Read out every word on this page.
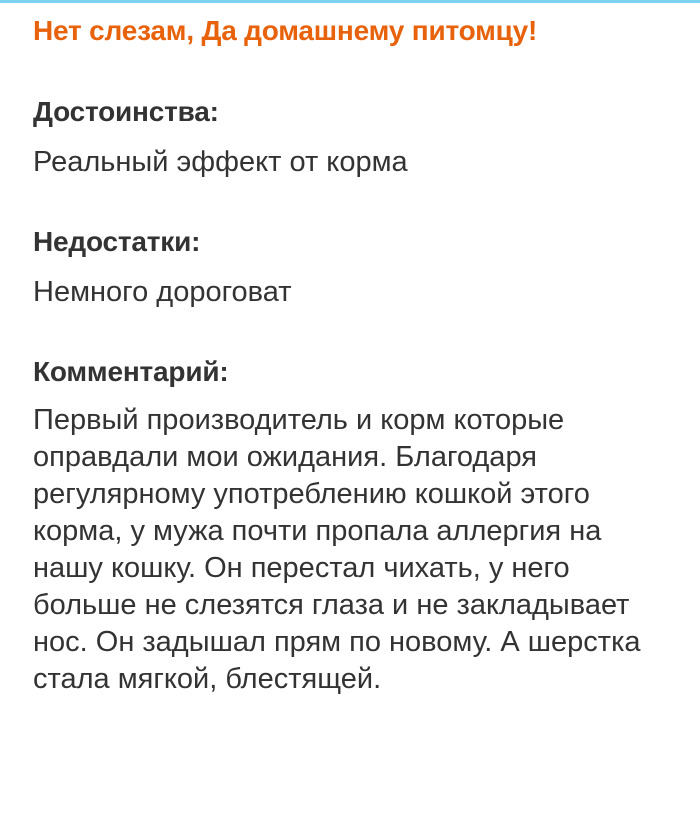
Нет слезам, Да домашнему питомцу!
Достоинства:

Реальный эффект от корма

Недостатки:

Немного дороговат

Комментарий:

Первый производитель и корм которые оправдали мои ожидания. Благодаря регулярному употреблению кошкой этого корма, у мужа почти пропала аллергия на нашу кошку. Он перестал чихать, у него больше не слезятся глаза и не закладывает нос. Он задышал прям по новому. А шерстка стала мягкой, блестящей.
